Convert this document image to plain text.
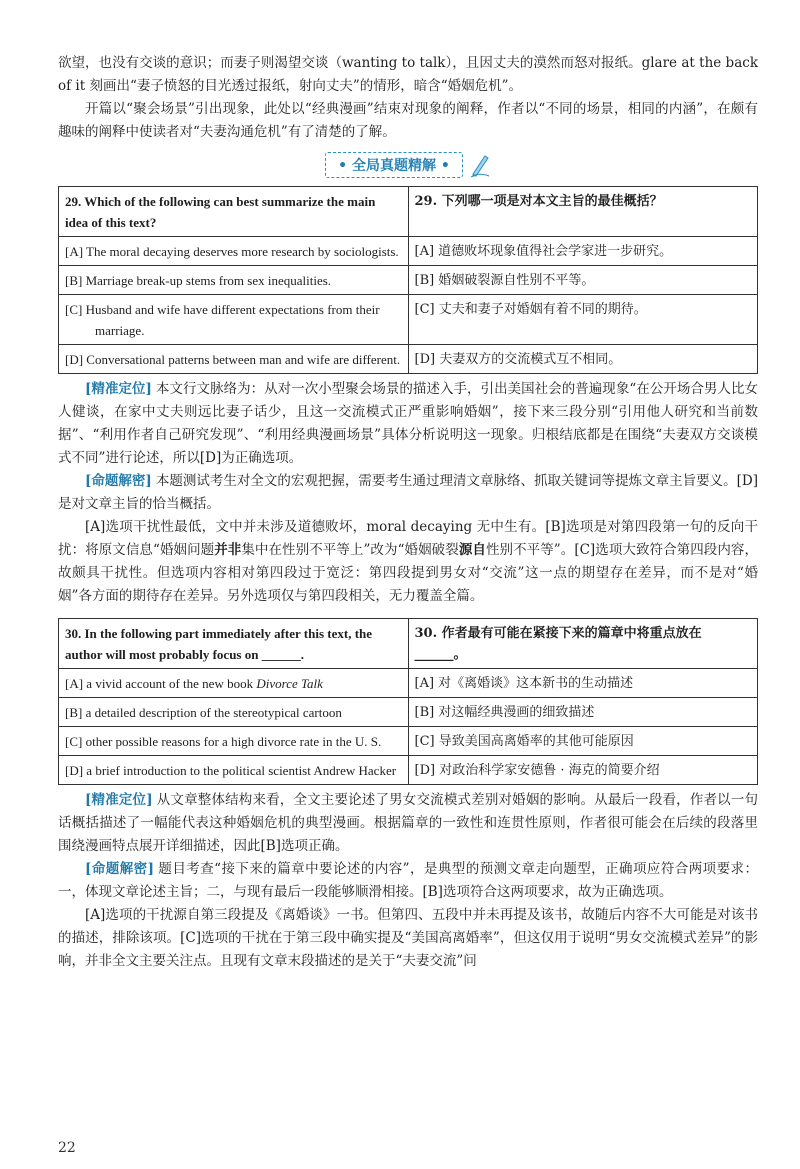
欲望，也没有交谈的意识；而妻子则渴望交谈（wanting to talk），且因丈夫的漠然而怒对报纸。glare at the back of it 刻画出“妻子愤怒的目光透过报纸，射向丈夫”的情形，暗含“婚姻危机”。

开篇以“聚会场景”引出现象，此处以“经典漫画”结束对现象的阐释，作者以“不同的场景，相同的内涵”，在颇有趣味的阐释中使读者对“夫妻沟通危机”有了清楚的了解。

• 全局真题精解 •
29. Which of the following can best summarize the main idea of this text?	29. 下列哪一项是对本文主旨的最佳概括？

[A] The moral decaying deserves more research by sociologists.	[A] 道德败坏现象值得社会学家进一步研究。

[B] Marriage break-up stems from sex inequalities.	[B] 婚姻破裂源自性别不平等。

[C] Husband and wife have different expectations from their marriage.	[C] 丈夫和妻子对婚姻有着不同的期待。

[D] Conversational patterns between man and wife are different.	[D] 夫妻双方的交流模式互不相同。

[精准定位] 本文行文脉络为：从对一次小型聚会场景的描述入手，引出美国社会的普遍现象“在公开场合男人比女人健谈，在家中丈夫则远比妻子话少，且这一交流模式正严重影响婚姻”，接下来三段分别“引用他人研究和当前数据”、“利用作者自己研究发现”、“利用经典漫画场景”具体分析说明这一现象。归根结底都是在围绕“夫妻双方交谈模式不同”进行论述，所以[D]为正确选项。

[命题解密] 本题测试考生对全文的宏观把握，需要考生通过理清文章脉络、抓取关键词等提炼文章主旨要义。[D]是对文章主旨的恰当概括。

[A]选项干扰性最低，文中并未涉及道德败坏，moral decaying 无中生有。[B]选项是对第四段第一句的反向干扰：将原文信息“婚姻问题并非集中在性别不平等上”改为“婚姻破裂源自性别不平等”。[C]选项大致符合第四段内容，故颇具干扰性。但选项内容相对第四段过于宽泛：第四段提到男女对“交流”这一点的期望存在差异，而不是对“婚姻”各方面的期待存在差异。另外选项仅与第四段相关，无力覆盖全篇。

30. In the following part immediately after this text, the author will most probably focus on ______.	30. 作者最有可能在紧接下来的篇章中将重点放在______。

[A] a vivid account of the new book Divorce Talk	[A] 对《离婚谈》这本新书的生动描述

[B] a detailed description of the stereotypical cartoon	[B] 对这幅经典漫画的细致描述

[C] other possible reasons for a high divorce rate in the U. S.	[C] 导致美国高离婚率的其他可能原因

[D] a brief introduction to the political scientist Andrew Hacker	[D] 对政治科学家安德鲁 · 海克的简要介绍

[精准定位] 从文章整体结构来看，全文主要论述了男女交流模式差别对婚姻的影响。从最后一段看，作者以一句话概括描述了一幅能代表这种婚姻危机的典型漫画。根据篇章的一致性和连贯性原则，作者很可能会在后续的段落里围绕漫画特点展开详细描述，因此[B]选项正确。

[命题解密] 题目考查“接下来的篇章中要论述的内容”，是典型的预测文章走向题型，正确项应符合两项要求：一，体现文章论述主旨；二，与现有最后一段能够顺滑相接。[B]选项符合这两项要求，故为正确选项。

[A]选项的干扰源自第三段提及《离婚谈》一书。但第四、五段中并未再提及该书，故随后内容不大可能是对该书的描述，排除该项。[C]选项的干扰在于第三段中确实提及“美国高离婚率”，但这仅用于说明“男女交流模式差异”的影响，并非全文主要关注点。且现有文章末段描述的是关于“夫妻交流”问

22
